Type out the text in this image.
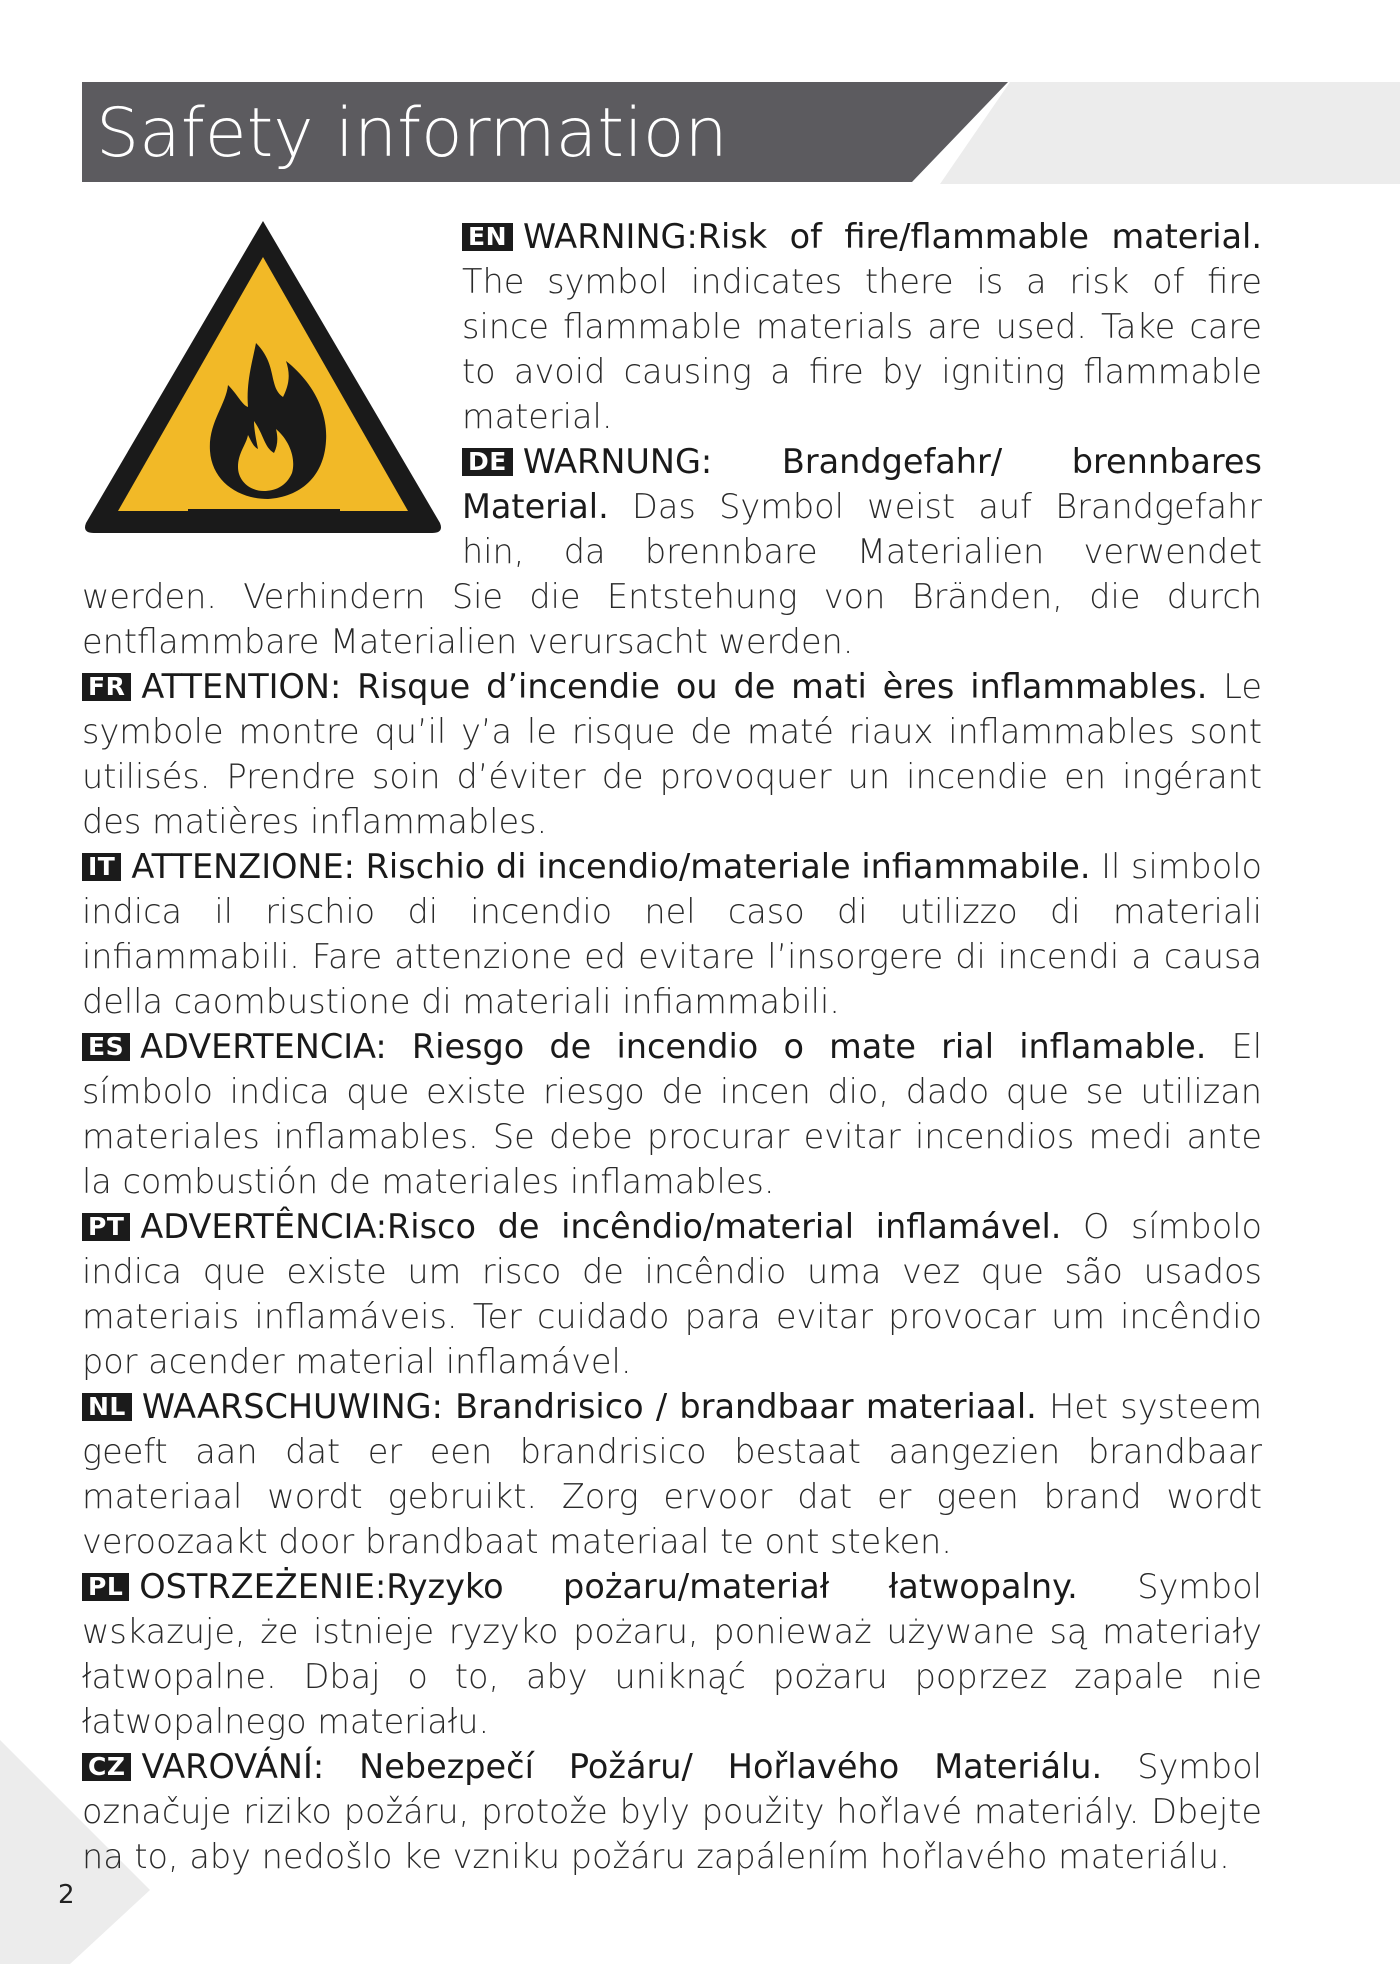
Safety information

EN WARNING:Risk of fire/flammable material. The symbol indicates there is a risk of fire since flammable materials are used. Take care to avoid causing a fire by igniting flammable material.

DE WARNUNG: Brandgefahr/ brennbares Material. Das Symbol weist auf Brandgefahr hin, da brennbare Materialien verwendet werden. Verhindern Sie die Entstehung von Bränden, die durch entflammbare Materialien verursacht werden.

FR ATTENTION: Risque d’incendie ou de mati ères inflammables. Le symbole montre qu’il y’a le risque de maté riaux inflammables sont utilisés. Prendre soin d’éviter de provoquer un incendie en ingérant des matières inflammables.

IT ATTENZIONE: Rischio di incendio/materiale infiammabile. Il simbolo indica il rischio di incendio nel caso di utilizzo di materiali infiammabili. Fare attenzione ed evitare l’insorgere di incendi a causa della caombustione di materiali infiammabili.

ES ADVERTENCIA: Riesgo de incendio o mate rial inflamable. El símbolo indica que existe riesgo de incen dio, dado que se utilizan materiales inflamables. Se debe procurar evitar incendios medi ante la combustión de materiales inflamables.

PT ADVERTÊNCIA:Risco de incêndio/material inflamável. O símbolo indica que existe um risco de incêndio uma vez que são usados materiais inflamáveis. Ter cuidado para evitar provocar um incêndio por acender material inflamável.

NL WAARSCHUWING: Brandrisico / brandbaar materiaal. Het systeem geeft aan dat er een brandrisico bestaat aangezien brandbaar materiaal wordt gebruikt. Zorg ervoor dat er geen brand wordt veroozaakt door brandbaat materiaal te ont steken.

PL OSTRZEŻENIE:Ryzyko pożaru/materiał łatwopalny. Symbol wskazuje, że istnieje ryzyko pożaru, ponieważ używane są materiały łatwopalne. Dbaj o to, aby uniknąć pożaru poprzez zapale nie łatwopalnego materiału.

CZ VAROVÁNÍ: Nebezpečí Požáru/ Hořlavého Materiálu. Symbol označuje riziko požáru, protože byly použity hořlavé materiály. Dbejte na to, aby nedošlo ke vzniku požáru zapálením hořlavého materiálu.

2
